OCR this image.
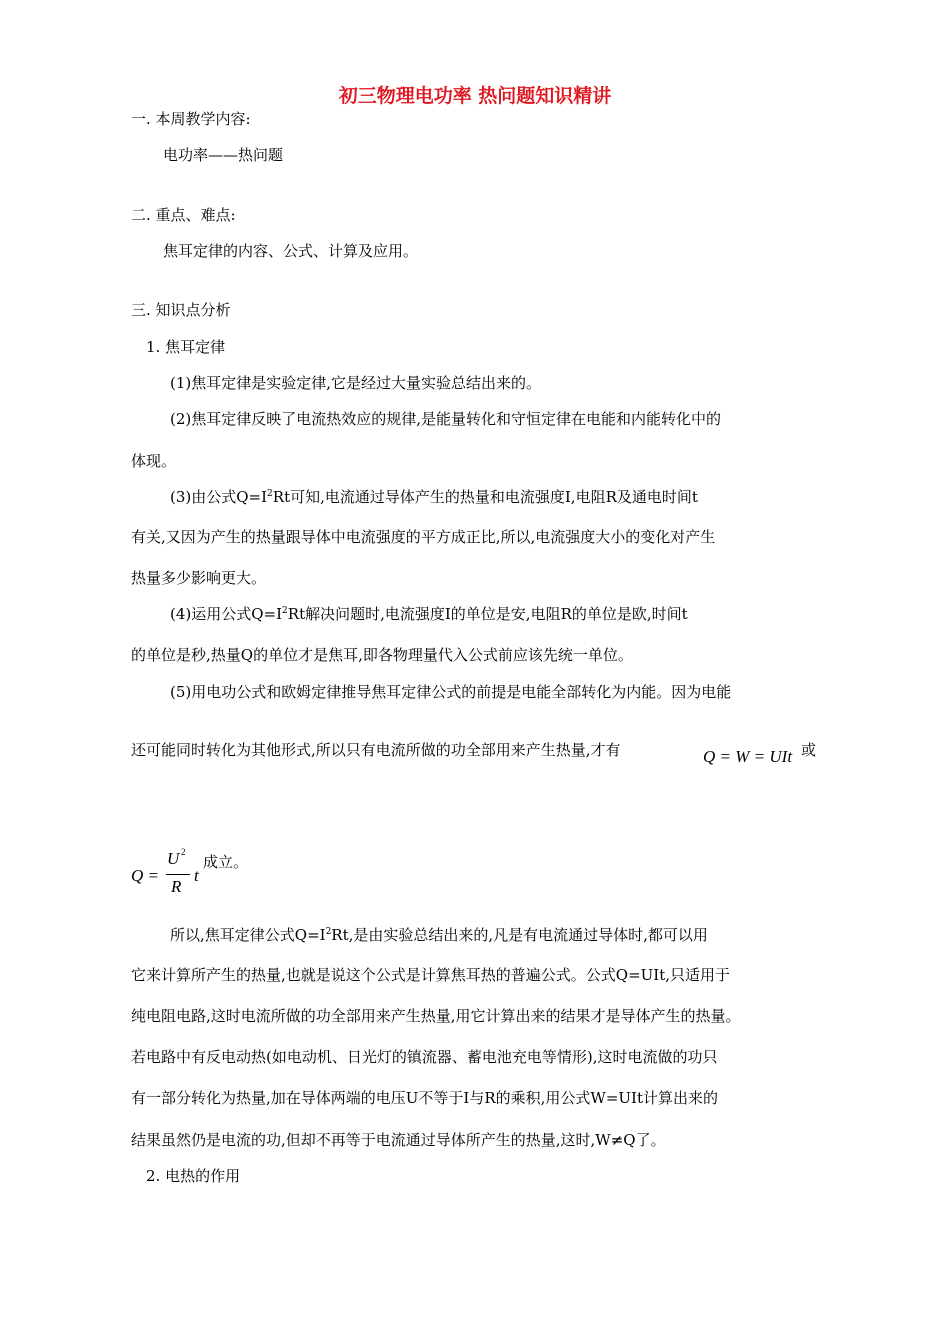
初三物理电功率 热问题知识精讲
一. 本周教学内容:
电功率——热问题
二. 重点、难点:
焦耳定律的内容、公式、计算及应用。
三. 知识点分析
1. 焦耳定律
(1)焦耳定律是实验定律,它是经过大量实验总结出来的。
(2)焦耳定律反映了电流热效应的规律,是能量转化和守恒定律在电能和内能转化中的
体现。
(3)由公式$Q=I^2Rt$可知,电流通过导体产生的热量和电流强度I,电阻R及通电时间t
有关,又因为产生的热量跟导体中电流强度的平方成正比,所以,电流强度大小的变化对产生
热量多少影响更大。
(4)运用公式$Q=I^2Rt$解决问题时,电流强度I的单位是安,电阻R的单位是欧,时间t
的单位是秒,热量Q的单位才是焦耳,即各物理量代入公式前应该先统一单位。
(5)用电功公式和欧姆定律推导焦耳定律公式的前提是电能全部转化为内能。因为电能
还可能同时转化为其他形式,所以只有电流所做的功全部用来产生热量,才有	Q = W = UIt 或
Q =
U 2
R
t
成立。
所以,焦耳定律公式$Q=I^2Rt$,是由实验总结出来的,凡是有电流通过导体时,都可以用
它来计算所产生的热量,也就是说这个公式是计算焦耳热的普遍公式。公式Q=UIt,只适用于
纯电阻电路,这时电流所做的功全部用来产生热量,用它计算出来的结果才是导体产生的热量。
若电路中有反电动热(如电动机、日光灯的镇流器、蓄电池充电等情形),这时电流做的功只
有一部分转化为热量,加在导体两端的电压U不等于I与R的乘积,用公式W=UIt计算出来的
结果虽然仍是电流的功,但却不再等于电流通过导体所产生的热量,这时,W≠Q了。
2. 电热的作用
